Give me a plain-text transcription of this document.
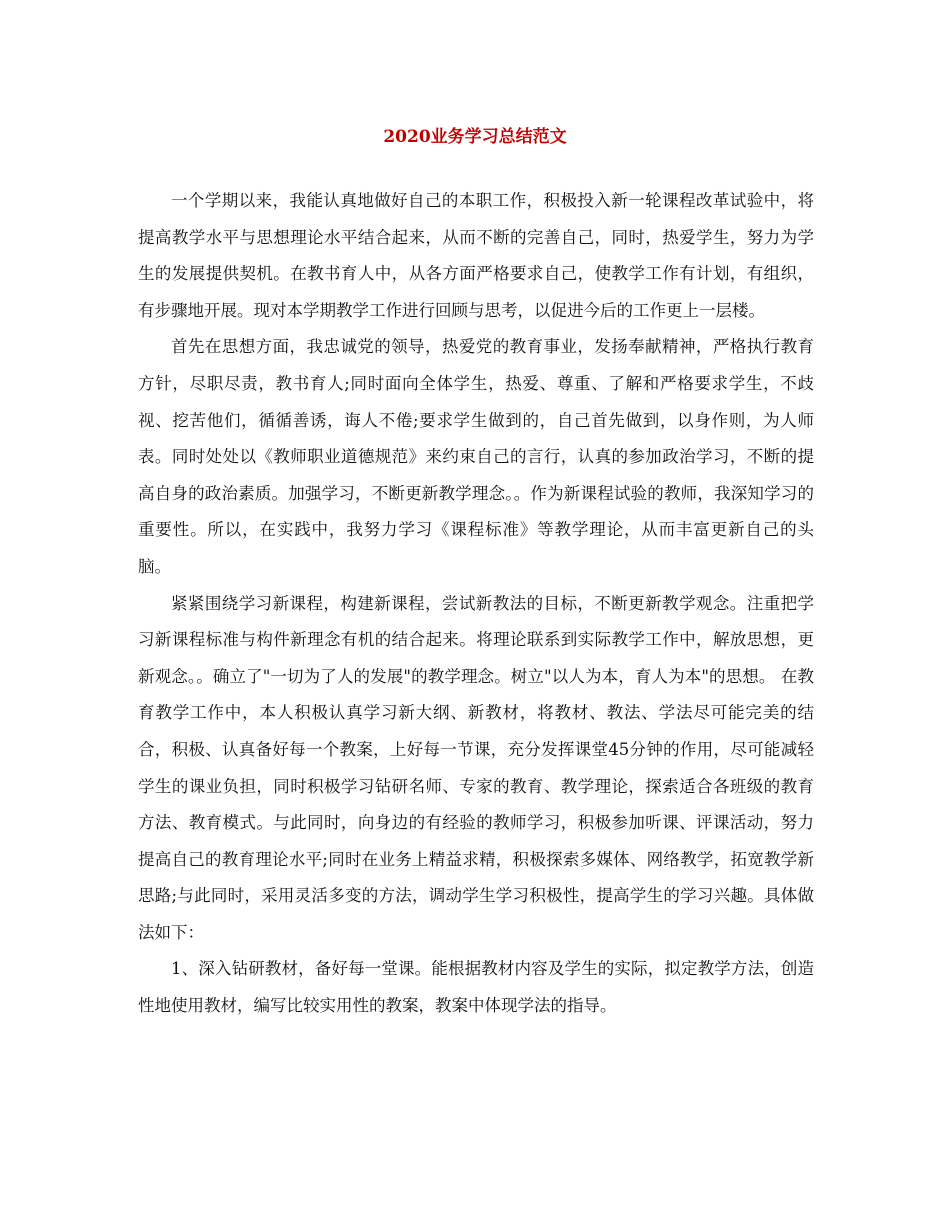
2020业务学习总结范文

一个学期以来，我能认真地做好自己的本职工作，积极投入新一轮课程改革试验中，将提高教学水平与思想理论水平结合起来，从而不断的完善自己，同时，热爱学生，努力为学生的发展提供契机。在教书育人中，从各方面严格要求自己，使教学工作有计划，有组织，有步骤地开展。现对本学期教学工作进行回顾与思考，以促进今后的工作更上一层楼。

首先在思想方面，我忠诚党的领导，热爱党的教育事业，发扬奉献精神，严格执行教育方针，尽职尽责，教书育人;同时面向全体学生，热爱、尊重、了解和严格要求学生，不歧视、挖苦他们，循循善诱，诲人不倦;要求学生做到的，自己首先做到，以身作则，为人师表。同时处处以《教师职业道德规范》来约束自己的言行，认真的参加政治学习，不断的提高自身的政治素质。加强学习，不断更新教学理念。。作为新课程试验的教师，我深知学习的重要性。所以，在实践中，我努力学习《课程标准》等教学理论，从而丰富更新自己的头脑。

紧紧围绕学习新课程，构建新课程，尝试新教法的目标，不断更新教学观念。注重把学习新课程标准与构件新理念有机的结合起来。将理论联系到实际教学工作中，解放思想，更新观念。。确立了"一切为了人的发展"的教学理念。树立"以人为本，育人为本"的思想。 在教育教学工作中，本人积极认真学习新大纲、新教材，将教材、教法、学法尽可能完美的结合，积极、认真备好每一个教案，上好每一节课，充分发挥课堂45分钟的作用，尽可能减轻学生的课业负担，同时积极学习钻研名师、专家的教育、教学理论，探索适合各班级的教育方法、教育模式。与此同时，向身边的有经验的教师学习，积极参加听课、评课活动，努力提高自己的教育理论水平;同时在业务上精益求精，积极探索多媒体、网络教学，拓宽教学新思路;与此同时，采用灵活多变的方法，调动学生学习积极性，提高学生的学习兴趣。具体做法如下：

1、深入钻研教材，备好每一堂课。能根据教材内容及学生的实际，拟定教学方法，创造性地使用教材，编写比较实用性的教案，教案中体现学法的指导。
